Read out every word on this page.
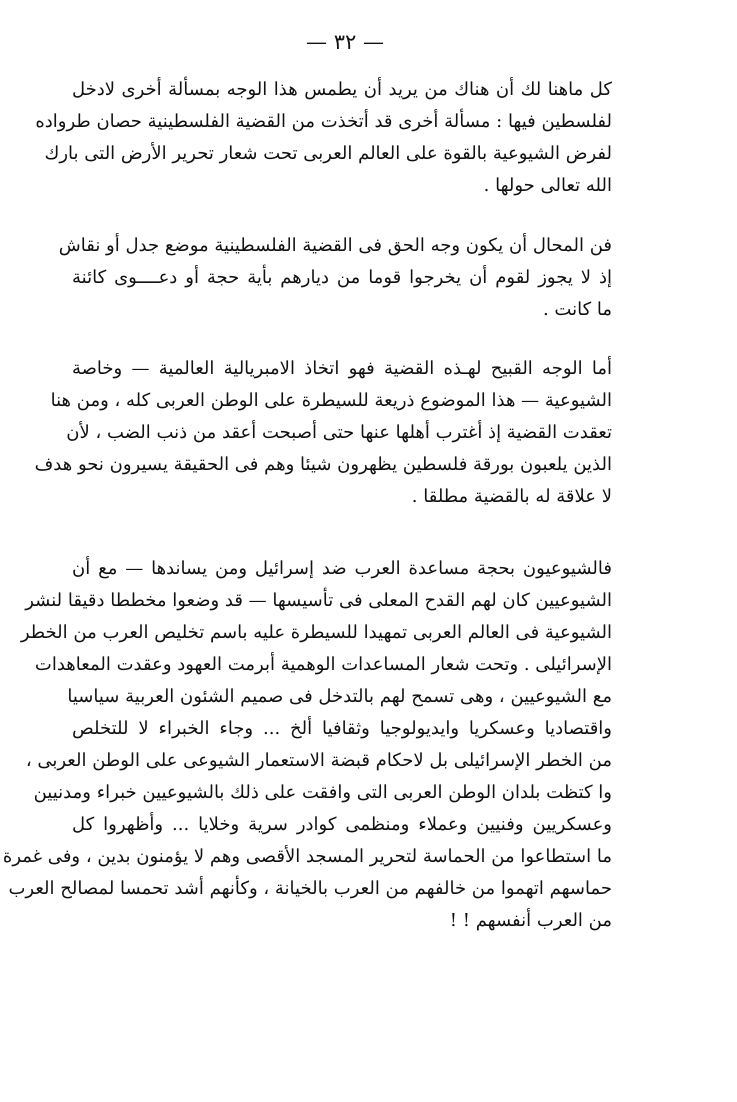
— ٣٢ —
كل ماهنا لك أن هناك من يريد أن يطمس هذا الوجه بمسألة أخرى لادخل
لفلسطين فيها : مسألة أخرى قد أتخذت من القضية الفلسطينية حصان طرواده
لفرض الشيوعية بالقوة على العالم العربى تحت شعار تحرير الأرض التى بارك
الله تعالى حولها .
فن المحال أن يكون وجه الحق فى القضية الفلسطينية موضع جدل أو نقاش
إذ لا يجوز لقوم أن يخرجوا قوما من ديارهم بأية حجة أو دعــــوى كائنة
ما كانت .
أما الوجه القبيح لهـذه القضية فهو اتخاذ الامبريالية العالمية — وخاصة
الشيوعية — هذا الموضوع ذريعة للسيطرة على الوطن العربى كله ، ومن هنا
تعقدت القضية إذ أغترب أهلها عنها حتى أصبحت أعقد من ذنب الضب ، لأن
الذين يلعبون بورقة فلسطين يظهرون شيئا وهم فى الحقيقة يسيرون نحو هدف
لا علاقة له بالقضية مطلقا .
فالشيوعيون بحجة مساعدة العرب ضد إسرائيل ومن يساندها — مع أن
الشيوعيين كان لهم القدح المعلى فى تأسيسها — قد وضعوا مخططا دقيقا لنشر
الشيوعية فى العالم العربى تمهيدا للسيطرة عليه باسم تخليص العرب من الخطر
الإسرائيلى . وتحت شعار المساعدات الوهمية أبرمت العهود وعقدت المعاهدات
مع الشيوعيين ، وهى تسمح لهم بالتدخل فى صميم الشئون العربية سياسيا
واقتصاديا وعسكريا وايديولوجيا وثقافيا ألخ ... وجاء الخبراء لا للتخلص
من الخطر الإسرائيلى بل لاحكام قبضة الاستعمار الشيوعى على الوطن العربى ،
وا كتظت بلدان الوطن العربى التى وافقت على ذلك بالشيوعيين خبراء ومدنيين
وعسكريين وفنيين وعملاء ومنظمى كوادر سرية وخلايا ... وأظهروا كل
ما استطاعوا من الحماسة لتحرير المسجد الأقصى وهم لا يؤمنون بدين ، وفى غمرة
حماسهم اتهموا من خالفهم من العرب بالخيانة ، وكأنهم أشد تحمسا لمصالح العرب
من العرب أنفسهم ! !
